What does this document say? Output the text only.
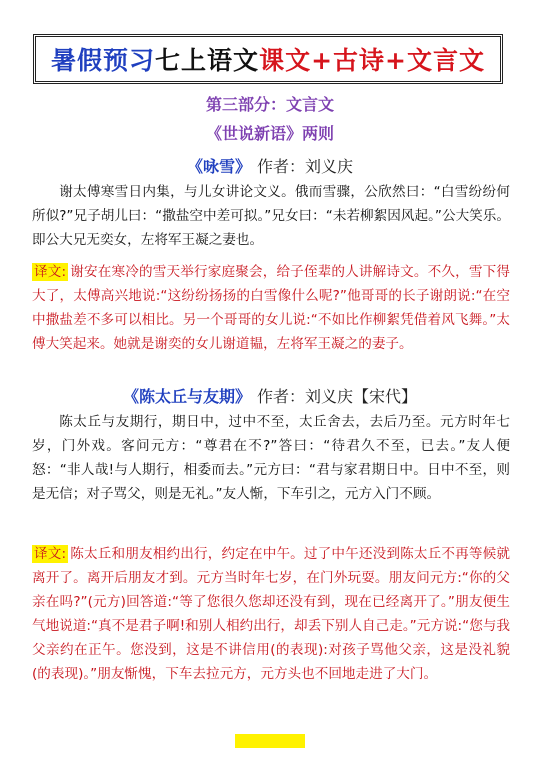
暑假预习 七上语文 课文+古诗+文言文
第三部分：文言文
《世说新语》两则
《咏雪》 作者：刘义庆

谢太傅寒雪日内集，与儿女讲论文义。俄而雪骤，公欣然曰：“白雪纷纷何所似?”兄子胡儿曰：“撒盐空中差可拟。”兄女曰：“未若柳絮因风起。”公大笑乐。即公大兄无奕女，左将军王凝之妻也。

译文: 谢安在寒冷的雪天举行家庭聚会，给子侄辈的人讲解诗文。不久，雪下得大了，太傅高兴地说:“这纷纷扬扬的白雪像什么呢?”他哥哥的长子谢朗说:“在空中撒盐差不多可以相比。另一个哥哥的女儿说:“不如比作柳絮凭借着风飞舞。”太傅大笑起来。她就是谢奕的女儿谢道韫，左将军王凝之的妻子。

《陈太丘与友期》 作者：刘义庆【宋代】

陈太丘与友期行，期日中，过中不至，太丘舍去，去后乃至。元方时年七岁，门外戏。客问元方：“尊君在不?”答曰：“待君久不至，已去。”友人便怒：“非人哉!与人期行，相委而去。”元方曰：“君与家君期日中。日中不至，则是无信；对子骂父，则是无礼。”友人惭，下车引之，元方入门不顾。

译文: 陈太丘和朋友相约出行，约定在中午。过了中午还没到陈太丘不再等候就离开了。离开后朋友才到。元方当时年七岁，在门外玩耍。朋友问元方:“你的父亲在吗?”(元方)回答道:“等了您很久您却还没有到，现在已经离开了。”朋友便生气地说道:“真不是君子啊!和别人相约出行，却丢下别人自己走。”元方说:“您与我父亲约在正午。您没到，这是不讲信用(的表现):对孩子骂他父亲，这是没礼貌(的表现)。”朋友惭愧，下车去拉元方，元方头也不回地走进了大门。
